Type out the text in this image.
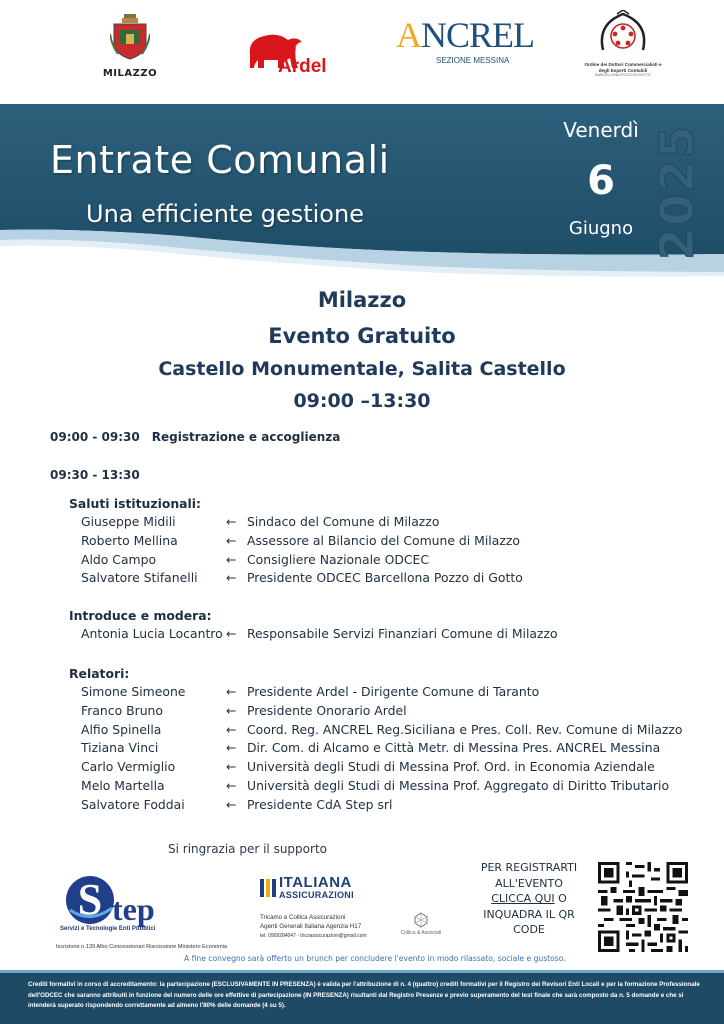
MILAZZO	Ardel
ANCREL
SEZIONE MESSINA	Ordine dei Dottori Commercialisti e degli Esperti Contabili
BARCELLONA POZZO DI GOTTO
Entrate Comunali
Una efficiente gestione
Venerdì
6
Giugno 2025
Milazzo
Evento Gratuito
Castello Monumentale, Salita Castello
09:00 –13:30
09:00 - 09:30 Registrazione e accoglienza
09:30 - 13:30
Saluti istituzionali:
Giuseppe Midili	← Sindaco del Comune di Milazzo
Roberto Mellina	← Assessore al Bilancio del Comune di Milazzo
Aldo Campo	← Consigliere Nazionale ODCEC
Salvatore Stifanelli ← Presidente ODCEC Barcellona Pozzo di Gotto
Introduce e modera:
Antonia Lucia Locantro ← Responsabile Servizi Finanziari Comune di Milazzo
Relatori:
Simone Simeone	← Presidente Ardel - Dirigente Comune di Taranto
Franco Bruno	← Presidente Onorario Ardel
Alfio Spinella	← Coord. Reg. ANCREL Reg.Siciliana e Pres. Coll. Rev. Comune di Milazzo
Tiziana Vinci	← Dir. Com. di Alcamo e Città Metr. di Messina Pres. ANCREL Messina
Carlo Vermiglio	← Università degli Studi di Messina Prof. Ord. in Economia Aziendale
Melo Martella	← Università degli Studi di Messina Prof. Aggregato di Diritto Tributario
Salvatore Foddai	← Presidente CdA Step srl
Si ringrazia per il supporto
S tep
Servizi e Tecnologie Enti Pubblici
Iscrizione n.139 Albo Concessionari Riscossione Ministero Economia
ITALIANA
ASSICURAZIONI
Tricamo e Collica Assicurazioni
Agenti Generali Italiana Agenzia H17
tel. 0909284047 - tricoassicurazioni@gmail.com	Collica & Associati
PER REGISTRARTI
ALL'EVENTO
CLICCA QUI O
INQUADRA IL QR
CODE
A fine convegno sarà offerto un brunch per concludere l'evento in modo rilassato, sociale e gustoso.

Crediti formativi in corso di accreditamento: la partecipazione (ESCLUSIVAMENTE IN PRESENZA) è valida per l'attribuzione di n. 4 (quattro) crediti formativi per il Registro dei Revisori Enti Locali e per la formazione Professionale dell'ODCEC che saranno attribuiti in funzione del numero delle ore effettive di partecipazione (IN PRESENZA) risultanti dal Registro Presenze e previo superamento del test finale che sarà composto da n. 5 domande e che si intenderà superato rispondendo correttamente ad almeno l'80% delle domande (4 su 5).
